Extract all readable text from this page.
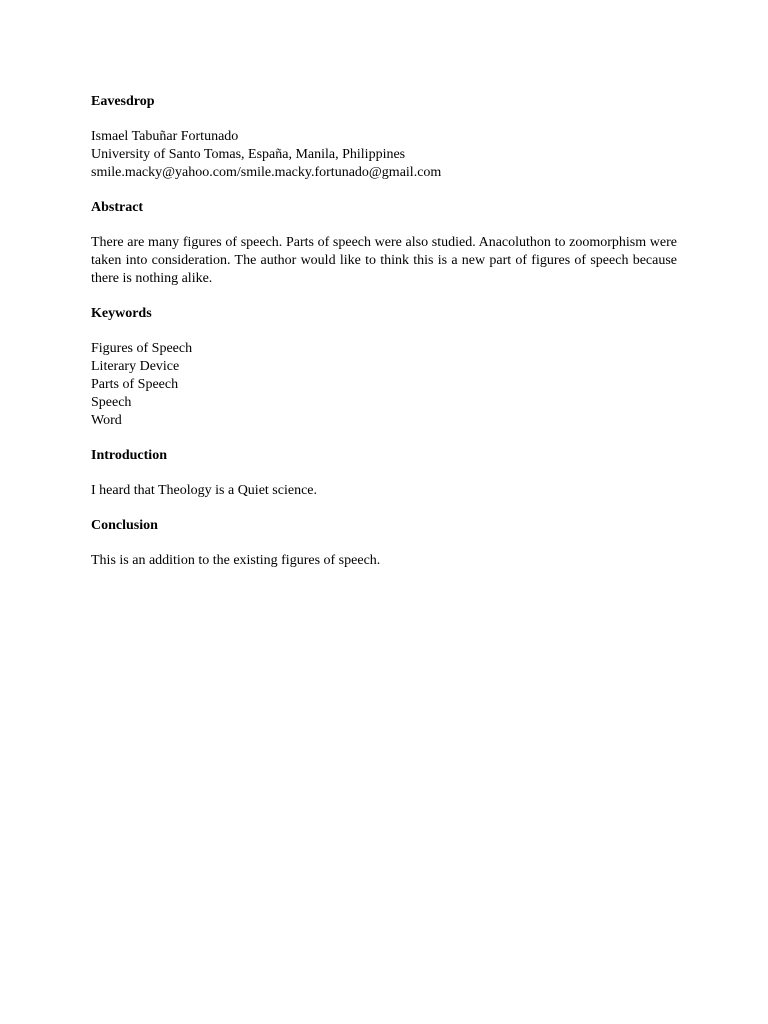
Eavesdrop
Ismael Tabuñar Fortunado
University of Santo Tomas, España, Manila, Philippines
smile.macky@yahoo.com/smile.macky.fortunado@gmail.com
Abstract

There are many figures of speech. Parts of speech were also studied. Anacoluthon to zoomorphism were taken into consideration. The author would like to think this is a new part of figures of speech because there is nothing alike.

Keywords
Figures of Speech
Literary Device
Parts of Speech
Speech
Word
Introduction

I heard that Theology is a Quiet science.

Conclusion

This is an addition to the existing figures of speech.
